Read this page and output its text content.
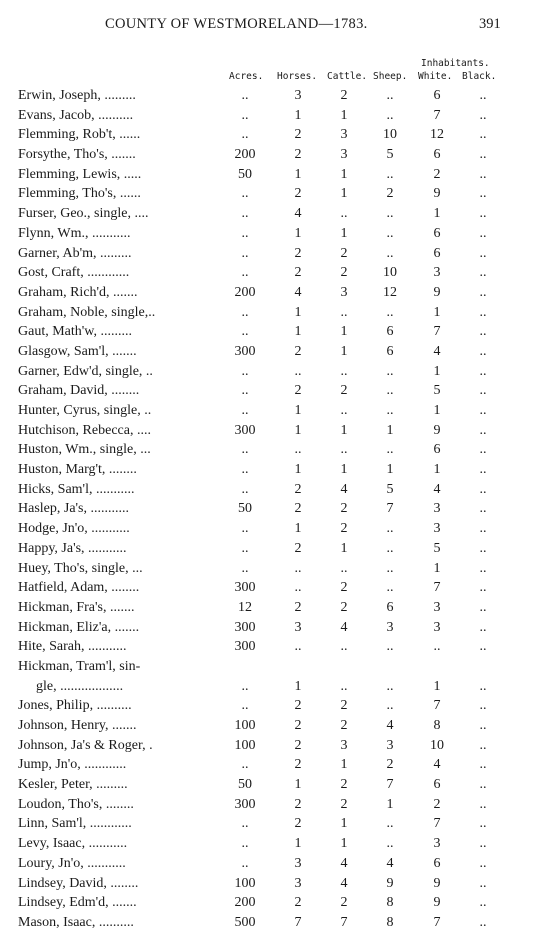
COUNTY OF WESTMORELAND—1783.	391
Inhabitants.
Acres. Horses. Cattle. Sheep. White. Black.
Erwin, Joseph, .........	..	3	2	..	6	..
Evans, Jacob, ..........	..	1	1	..	7	..
Flemming, Rob't, ......	..	2	3	10	12	..
Forsythe, Tho's, .......	200	2	3	5	6	..
Flemming, Lewis, .....	50	1	1	..	2	..
Flemming, Tho's, ......	..	2	1	2	9	..
Furser, Geo., single, ....	..	4	..	..	1	..
Flynn, Wm., ...........	..	1	1	..	6	..
Garner, Ab'm, .........	..	2	2	..	6	..
Gost, Craft, ............	..	2	2	10	3	..
Graham, Rich'd, .......	200	4	3	12	9	..
Graham, Noble, single,..	..	1	..	..	1	..
Gaut, Math'w, .........	..	1	1	6	7	..
Glasgow, Sam'l, .......	300	2	1	6	4	..
Garner, Edw'd, single, ..	..	..	..	..	1	..
Graham, David, ........	..	2	2	..	5	..
Hunter, Cyrus, single, ..	..	1	..	..	1	..
Hutchison, Rebecca, ....	300	1	1	1	9	..
Huston, Wm., single, ...	..	..	..	..	6	..
Huston, Marg't, ........	..	1	1	1	1	..
Hicks, Sam'l, ...........	..	2	4	5	4	..
Haslep, Ja's, ...........	50	2	2	7	3	..
Hodge, Jn'o, ...........	..	1	2	..	3	..
Happy, Ja's, ...........	..	2	1	..	5	..
Huey, Tho's, single, ...	..	..	..	..	1	..
Hatfield, Adam, ........	300	..	2	..	7	..
Hickman, Fra's, .......	12	2	2	6	3	..
Hickman, Eliz'a, .......	300	3	4	3	3	..
Hite, Sarah, ...........	300	..	..	..	..	..
Hickman, Tram'l, sin-
gle, ..................	..	1	..	..	1	..
Jones, Philip, ..........	..	2	2	..	7	..
Johnson, Henry, .......	100	2	2	4	8	..
Johnson, Ja's & Roger, .	100	2	3	3	10	..
Jump, Jn'o, ............	..	2	1	2	4	..
Kesler, Peter, .........	50	1	2	7	6	..
Loudon, Tho's, ........	300	2	2	1	2	..
Linn, Sam'l, ............	..	2	1	..	7	..
Levy, Isaac, ...........	..	1	1	..	3	..
Loury, Jn'o, ...........	..	3	4	4	6	..
Lindsey, David, ........	100	3	4	9	9	..
Lindsey, Edm'd, .......	200	2	2	8	9	..
Mason, Isaac, ..........	500	7	7	8	7	..
